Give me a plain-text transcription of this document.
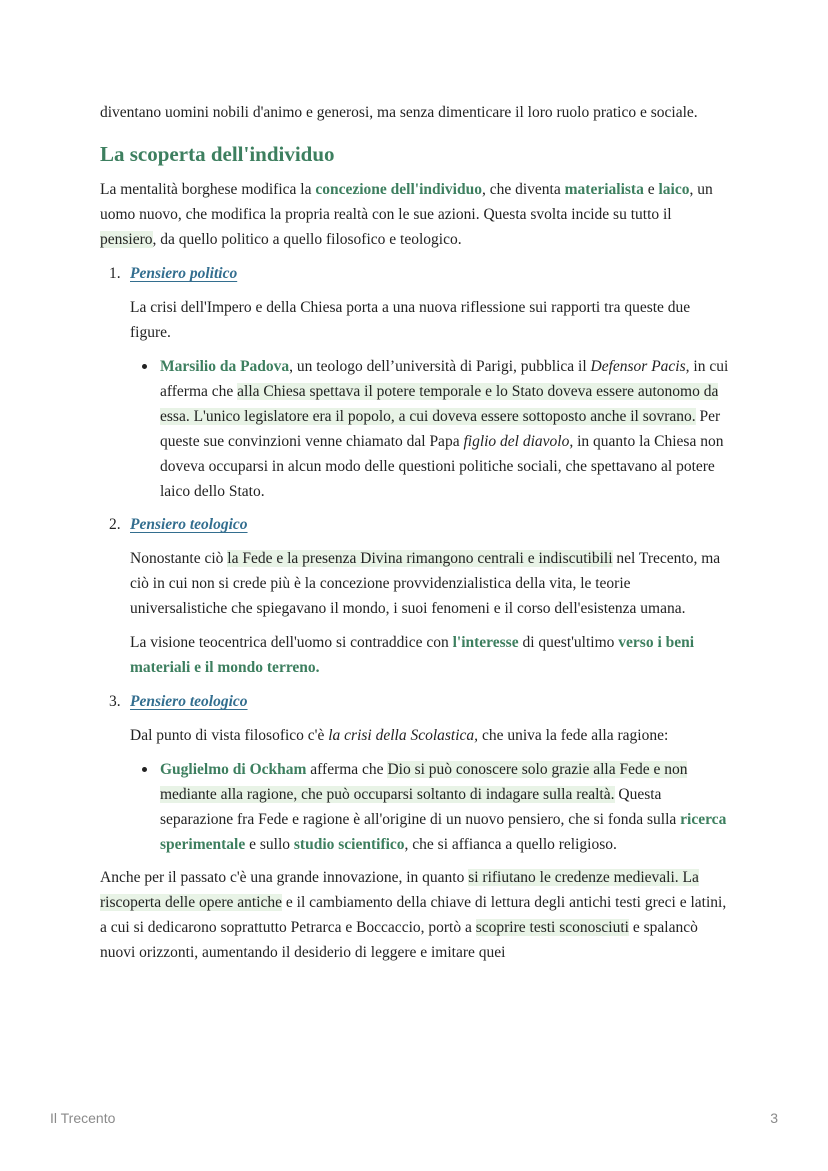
diventano uomini nobili d'animo e generosi, ma senza dimenticare il loro ruolo pratico e sociale.

La scoperta dell'individuo

La mentalità borghese modifica la concezione dell'individuo, che diventa materialista e laico, un uomo nuovo, che modifica la propria realtà con le sue azioni. Questa svolta incide su tutto il pensiero, da quello politico a quello filosofico e teologico.

1. Pensiero politico

La crisi dell'Impero e della Chiesa porta a una nuova riflessione sui rapporti tra queste due figure.

Marsilio da Padova, un teologo dell’università di Parigi, pubblica il Defensor Pacis, in cui afferma che alla Chiesa spettava il potere temporale e lo Stato doveva essere autonomo da essa. L'unico legislatore era il popolo, a cui doveva essere sottoposto anche il sovrano. Per queste sue convinzioni venne chiamato dal Papa figlio del diavolo, in quanto la Chiesa non doveva occuparsi in alcun modo delle questioni politiche sociali, che spettavano al potere laico dello Stato.
2. Pensiero teologico

Nonostante ciò la Fede e la presenza Divina rimangono centrali e indiscutibili nel Trecento, ma ciò in cui non si crede più è la concezione provvidenzialistica della vita, le teorie universalistiche che spiegavano il mondo, i suoi fenomeni e il corso dell'esistenza umana.

La visione teocentrica dell'uomo si contraddice con l'interesse di quest'ultimo verso i beni materiali e il mondo terreno.

3. Pensiero teologico

Dal punto di vista filosofico c'è la crisi della Scolastica, che univa la fede alla ragione:

Guglielmo di Ockham afferma che Dio si può conoscere solo grazie alla Fede e non mediante alla ragione, che può occuparsi soltanto di indagare sulla realtà. Questa separazione fra Fede e ragione è all'origine di un nuovo pensiero, che si fonda sulla ricerca sperimentale e sullo studio scientifico, che si affianca a quello religioso.

Anche per il passato c'è una grande innovazione, in quanto si rifiutano le credenze medievali. La riscoperta delle opere antiche e il cambiamento della chiave di lettura degli antichi testi greci e latini, a cui si dedicarono soprattutto Petrarca e Boccaccio, portò a scoprire testi sconosciuti e spalancò nuovi orizzonti, aumentando il desiderio di leggere e imitare quei

Il Trecento	3
